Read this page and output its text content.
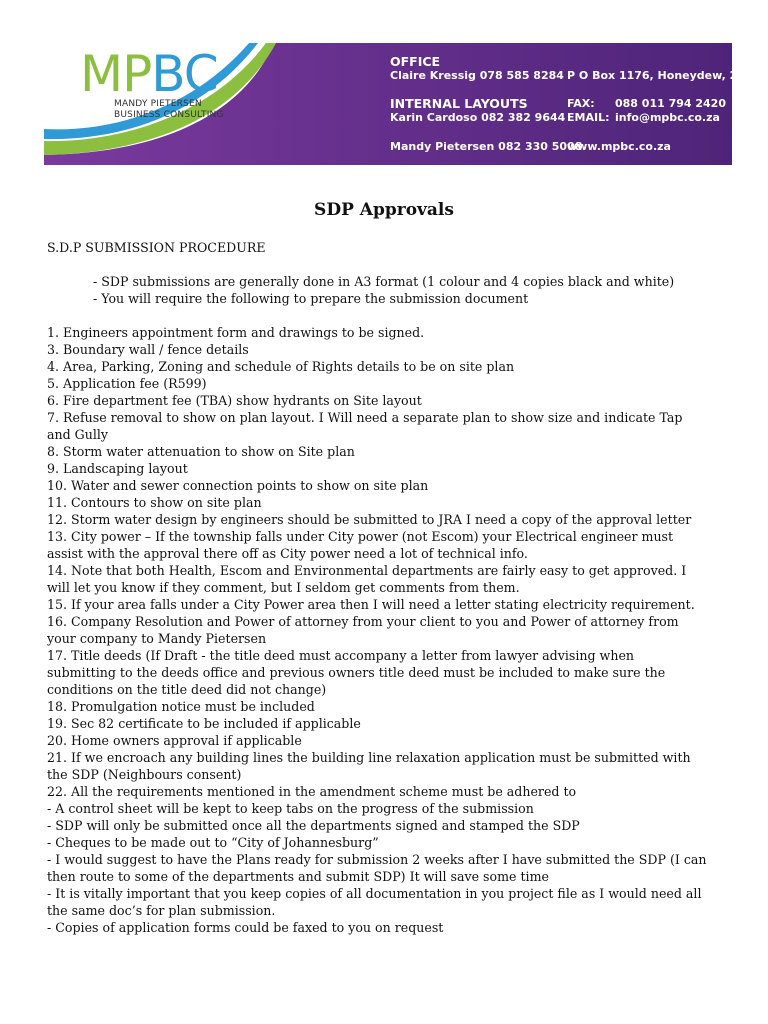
MPBC
MANDY PIETERSEN
BUSINESS CONSULTING
OFFICE
Claire Kressig 078 585 8284
INTERNAL LAYOUTS
Karin Cardoso 082 382 9644
Mandy Pietersen 082 330 5008
P O Box 1176, Honeydew, 2040
FAX: 088 011 794 2420
EMAIL: info@mpbc.co.za
www.mpbc.co.za
SDP Approvals
S.D.P SUBMISSION PROCEDURE

- SDP submissions are generally done in A3 format (1 colour and 4 copies black and white)

- You will require the following to prepare the submission document

1. Engineers appointment form and drawings to be signed.

3. Boundary wall / fence details

4. Area, Parking, Zoning and schedule of Rights details to be on site plan

5. Application fee (R599)

6. Fire department fee (TBA) show hydrants on Site layout

7. Refuse removal to show on plan layout. I Will need a separate plan to show size and indicate Tap

and Gully

8. Storm water attenuation to show on Site plan

9. Landscaping layout

10. Water and sewer connection points to show on site plan

11. Contours to show on site plan

12. Storm water design by engineers should be submitted to JRA I need a copy of the approval letter

13. City power – If the township falls under City power (not Escom) your Electrical engineer must

assist with the approval there off as City power need a lot of technical info.

14. Note that both Health, Escom and Environmental departments are fairly easy to get approved. I

will let you know if they comment, but I seldom get comments from them.

15. If your area falls under a City Power area then I will need a letter stating electricity requirement.

16. Company Resolution and Power of attorney from your client to you and Power of attorney from

your company to Mandy Pietersen

17. Title deeds (If Draft - the title deed must accompany a letter from lawyer advising when

submitting to the deeds office and previous owners title deed must be included to make sure the

conditions on the title deed did not change)

18. Promulgation notice must be included

19. Sec 82 certificate to be included if applicable

20. Home owners approval if applicable

21. If we encroach any building lines the building line relaxation application must be submitted with

the SDP (Neighbours consent)

22. All the requirements mentioned in the amendment scheme must be adhered to

- A control sheet will be kept to keep tabs on the progress of the submission

- SDP will only be submitted once all the departments signed and stamped the SDP

- Cheques to be made out to “City of Johannesburg”

- I would suggest to have the Plans ready for submission 2 weeks after I have submitted the SDP (I can

then route to some of the departments and submit SDP) It will save some time

- It is vitally important that you keep copies of all documentation in you project file as I would need all

the same doc’s for plan submission.

- Copies of application forms could be faxed to you on request
